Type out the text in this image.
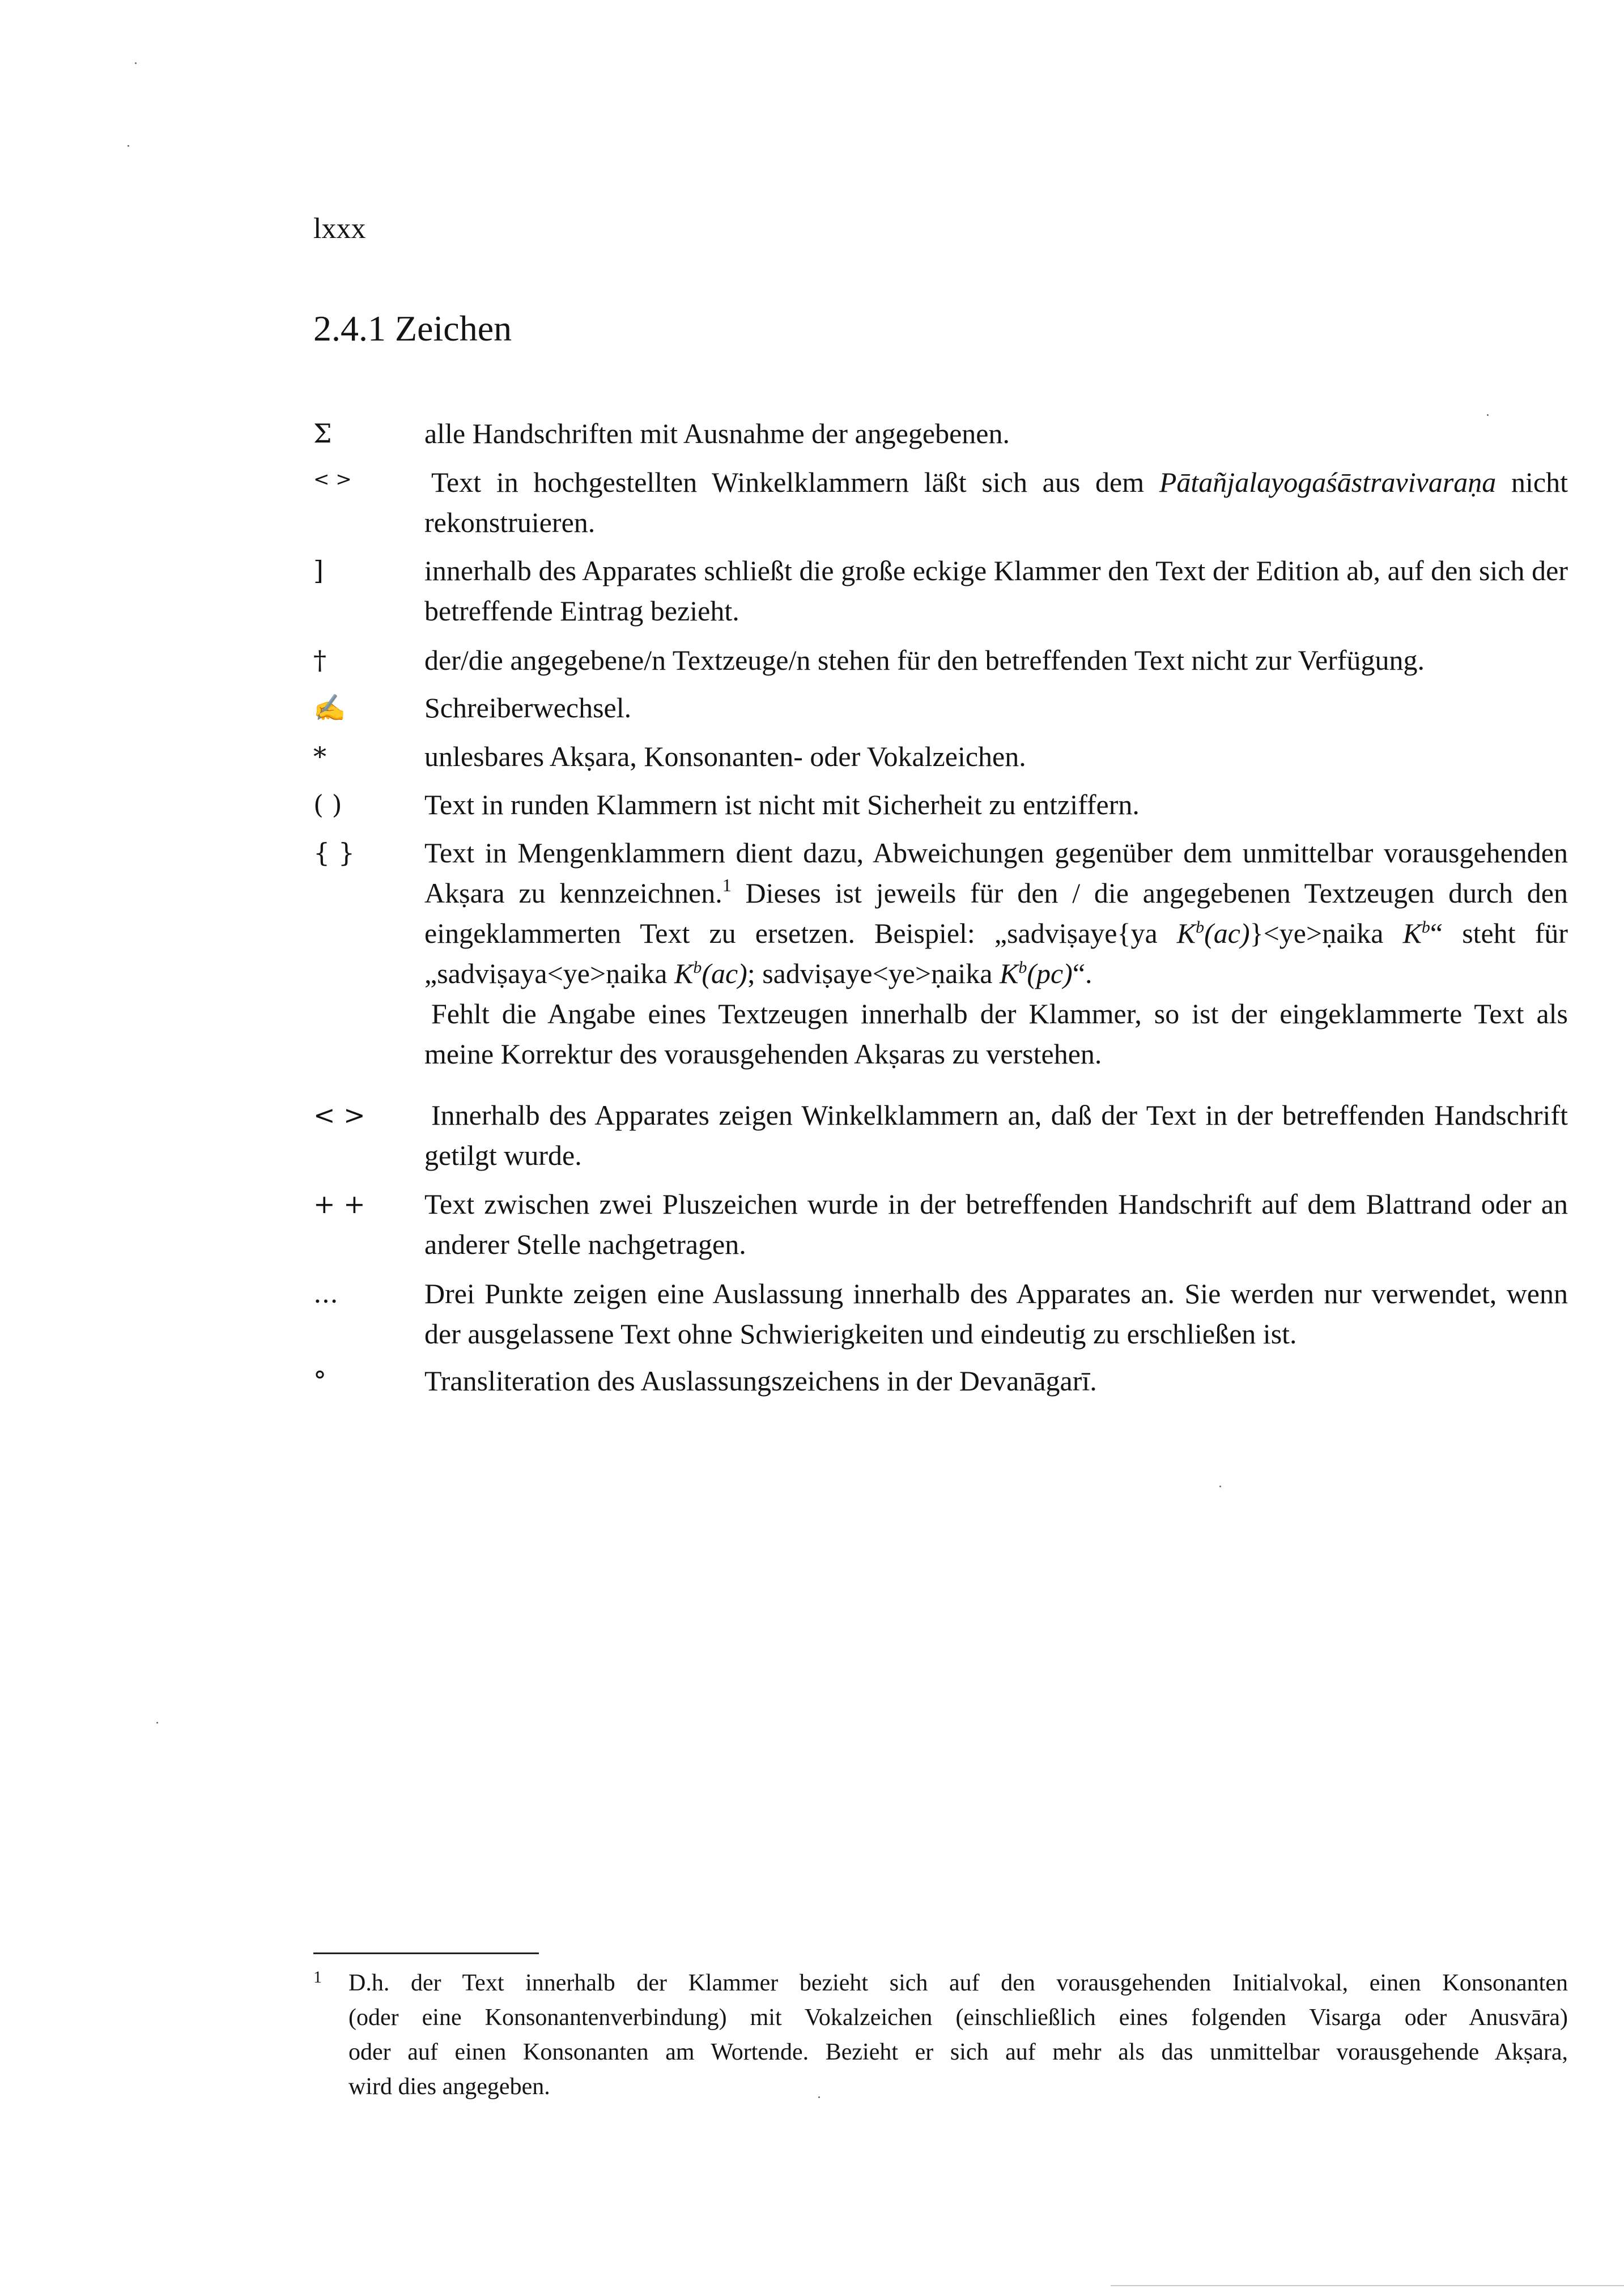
lxxx
2.4.1 Zeichen
Σ	alle Handschriften mit Ausnahme der angegebenen.
< >	Text in hochgestellten Winkelklammern läßt sich aus dem Pātañjalayogaśāstravivaraṇa nicht rekonstruieren.

]	innerhalb des Apparates schließt die große eckige Klammer den Text der Edition ab, auf den sich der betreffende Eintrag bezieht.
†	der/die angegebene/n Textzeuge/n stehen für den betreffenden Text nicht zur Verfügung.
✍	Schreiberwechsel.
*	unlesbares Akṣara, Konsonanten- oder Vokalzeichen.
( )	Text in runden Klammern ist nicht mit Sicherheit zu entziffern.
{ }	Text in Mengenklammern dient dazu, Abweichungen gegenüber dem unmittelbar vorausgehenden Akṣara zu kennzeichnen.$^1$ Dieses ist jeweils für den / die angegebenen Textzeugen durch den eingeklammerten Text zu ersetzen. Beispiel: „sadviṣaye{ya $K^b(ac)\}<ye>ṇaika$ $K^b“$ steht für „sadviṣaya<ye>ṇaika $K^b(ac)$; sadviṣaye<ye>ṇaika $K^b(pc)“$.

Fehlt die Angabe eines Textzeugen innerhalb der Klammer, so ist der eingeklammerte Text als meine Korrektur des vorausgehenden Akṣaras zu verstehen.

< >	Innerhalb des Apparates zeigen Winkelklammern an, daß der Text in der betreffenden Handschrift getilgt wurde.

+ +	Text zwischen zwei Pluszeichen wurde in der betreffenden Handschrift auf dem Blattrand oder an anderer Stelle nachgetragen.
...	Drei Punkte zeigen eine Auslassung innerhalb des Apparates an. Sie werden nur verwendet, wenn der ausgelassene Text ohne Schwierigkeiten und eindeutig zu erschließen ist.
°	Transliteration des Auslassungszeichens in der Devanāgarī.
1	D.h. der Text innerhalb der Klammer bezieht sich auf den vorausgehenden Initialvokal, einen Konsonanten
(oder eine Konsonantenverbindung) mit Vokalzeichen (einschließlich eines folgenden Visarga oder Anusvāra)
oder auf einen Konsonanten am Wortende. Bezieht er sich auf mehr als das unmittelbar vorausgehende Akṣara,
wird dies angegeben.
